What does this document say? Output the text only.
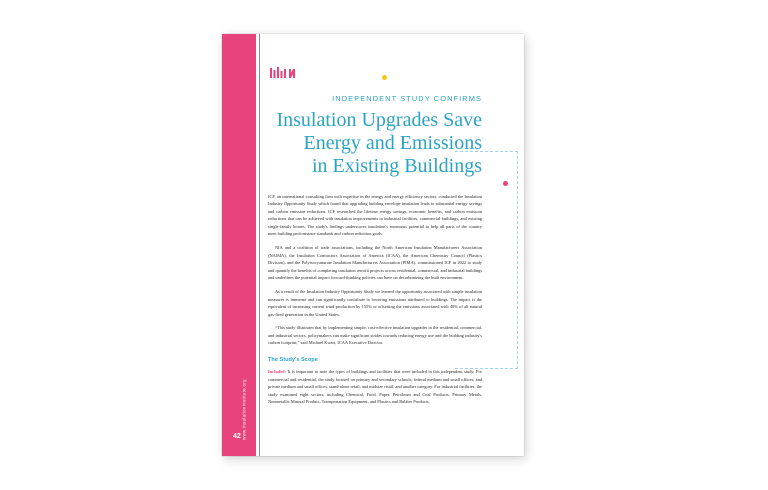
www.InsulationInstitute.org
42
INDEPENDENT STUDY CONFIRMS
Insulation Upgrades Save
Energy and Emissions
in Existing Buildings

ICF, an international consulting firm with expertise in the energy and energy efficiency sectors, conducted the Insulation Industry Opportunity Study which found that upgrading building envelope insulation leads to substantial energy savings and carbon emission reductions. ICF researched the lifetime energy savings, economic benefits, and carbon emission reductions that can be achieved with insulation improvements to industrial facilities, commercial buildings, and existing single-family homes. The study's findings underscores insulation's enormous potential to help all parts of the country meet building performance standards and carbon reduction goals.

NIA and a coalition of trade associations, including the North American Insulation Manufacturers Association (NAIMA), the Insulation Contractors Association of America (ICAA), the American Chemistry Council (Plastics Division), and the Polyisocyanurate Insulation Manufacturers Association (PIMA), commissioned ICF in 2022 to study and quantify the benefits of completing insulation retrofit projects across residential, commercial, and industrial buildings and underlines the potential impact forward-thinking policies can have on decarbonizing the built environment.

As a result of the Insulation Industry Opportunity Study we learned the opportunity associated with simple insulation measures is immense and can significantly contribute to lowering emissions attributed to buildings. The impact is the equivalent of increasing current wind production by 155% or offsetting the emissions associated with 40% of all natural gas-fired generation in the United States.

“This study illustrates that by implementing simple, cost-effective insulation upgrades in the residential, commercial, and industrial sectors, policymakers can make significant strides towards reducing energy use and the building industry's carbon footprint,” said Michael Kwart, ICAA Executive Director.

The Study's Scope

Included: It is important to note the types of buildings and facilities that were included in this independent study. For commercial and residential, the study focused on primary and secondary schools; federal medium and small offices; and private medium and small offices, stand-alone retail, and midsize retail, and another category. For industrial facilities, the study examined eight sectors, including Chemical, Food, Paper, Petroleum and Coal Products, Primary Metals, Nonmetallic Mineral Product, Transportation Equipment, and Plastics and Rubber Products.
